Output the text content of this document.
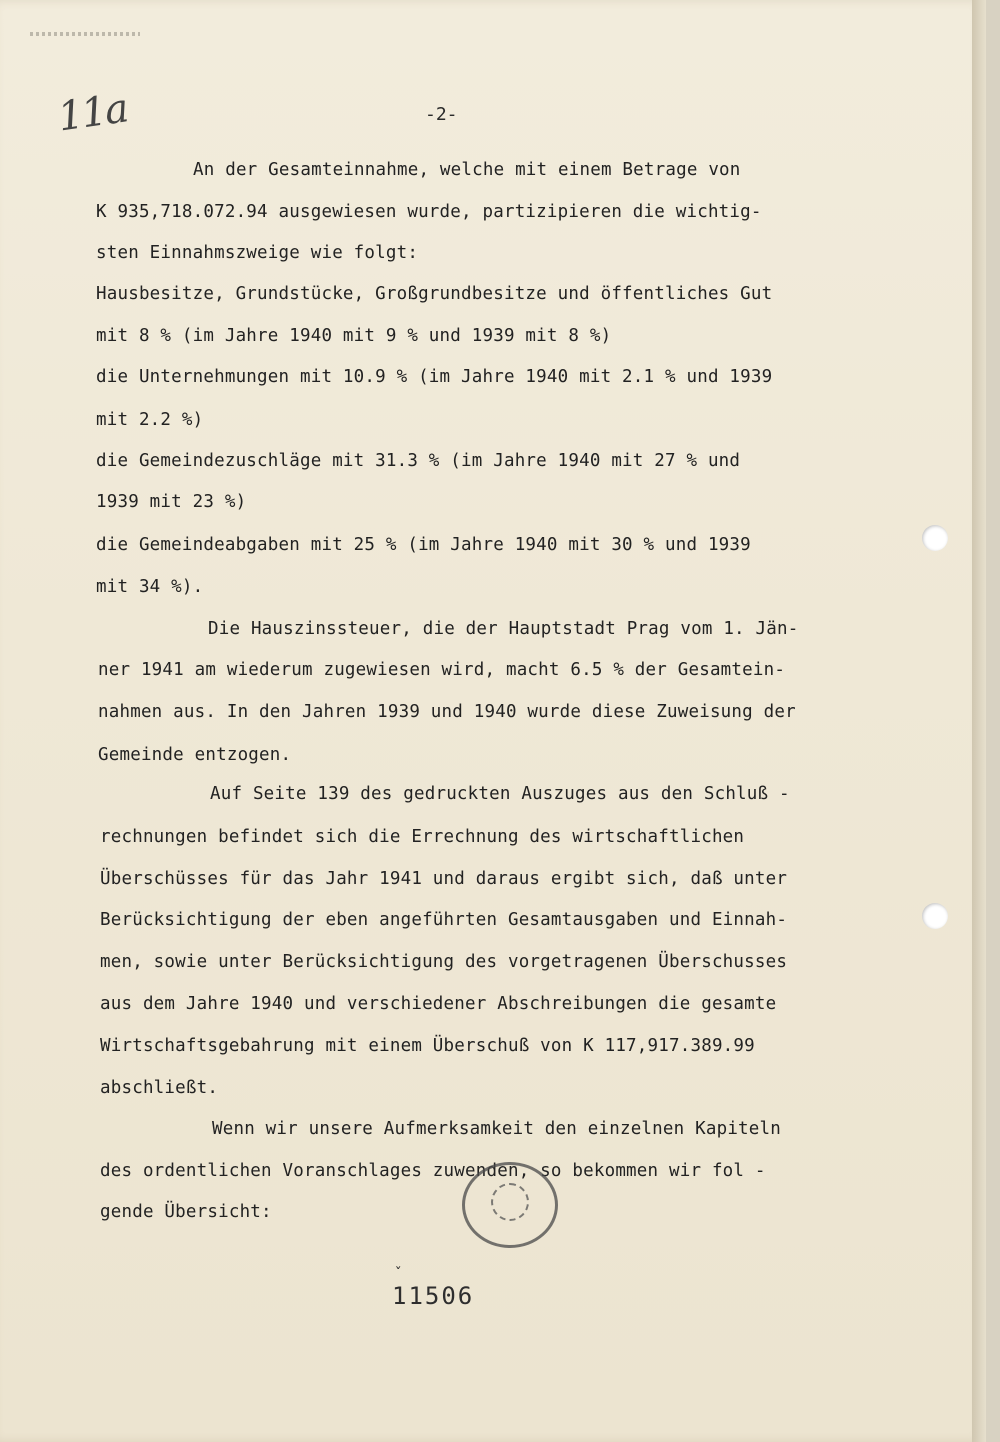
11a	-2-
An der Gesamteinnahme, welche mit einem Betrage von
K 935,718.072.94 ausgewiesen wurde, partizipieren die wichtig-
sten Einnahmszweige wie folgt:
Hausbesitze, Grundstücke, Großgrundbesitze und öffentliches Gut
mit 8 % (im Jahre 1940 mit 9 % und 1939 mit 8 %)
die Unternehmungen mit 10.9 % (im Jahre 1940 mit 2.1 % und 1939
mit 2.2 %)
die Gemeindezuschläge mit 31.3 % (im Jahre 1940 mit 27 % und
1939 mit 23 %)
die Gemeindeabgaben mit 25 % (im Jahre 1940 mit 30 % und 1939
mit 34 %).
Die Hauszinssteuer, die der Hauptstadt Prag vom 1. Jän-
ner 1941 am wiederum zugewiesen wird, macht 6.5 % der Gesamtein-
nahmen aus. In den Jahren 1939 und 1940 wurde diese Zuweisung der
Gemeinde entzogen.
Auf Seite 139 des gedruckten Auszuges aus den Schluß -
rechnungen befindet sich die Errechnung des wirtschaftlichen
Überschüsses für das Jahr 1941 und daraus ergibt sich, daß unter
Berücksichtigung der eben angeführten Gesamtausgaben und Einnah-
men, sowie unter Berücksichtigung des vorgetragenen Überschusses
aus dem Jahre 1940 und verschiedener Abschreibungen die gesamte
Wirtschaftsgebahrung mit einem Überschuß von K 117,917.389.99
abschließt.
Wenn wir unsere Aufmerksamkeit den einzelnen Kapiteln
des ordentlichen Voranschlages zuwenden, so bekommen wir fol -
gende Übersicht:
ˇ
11506
